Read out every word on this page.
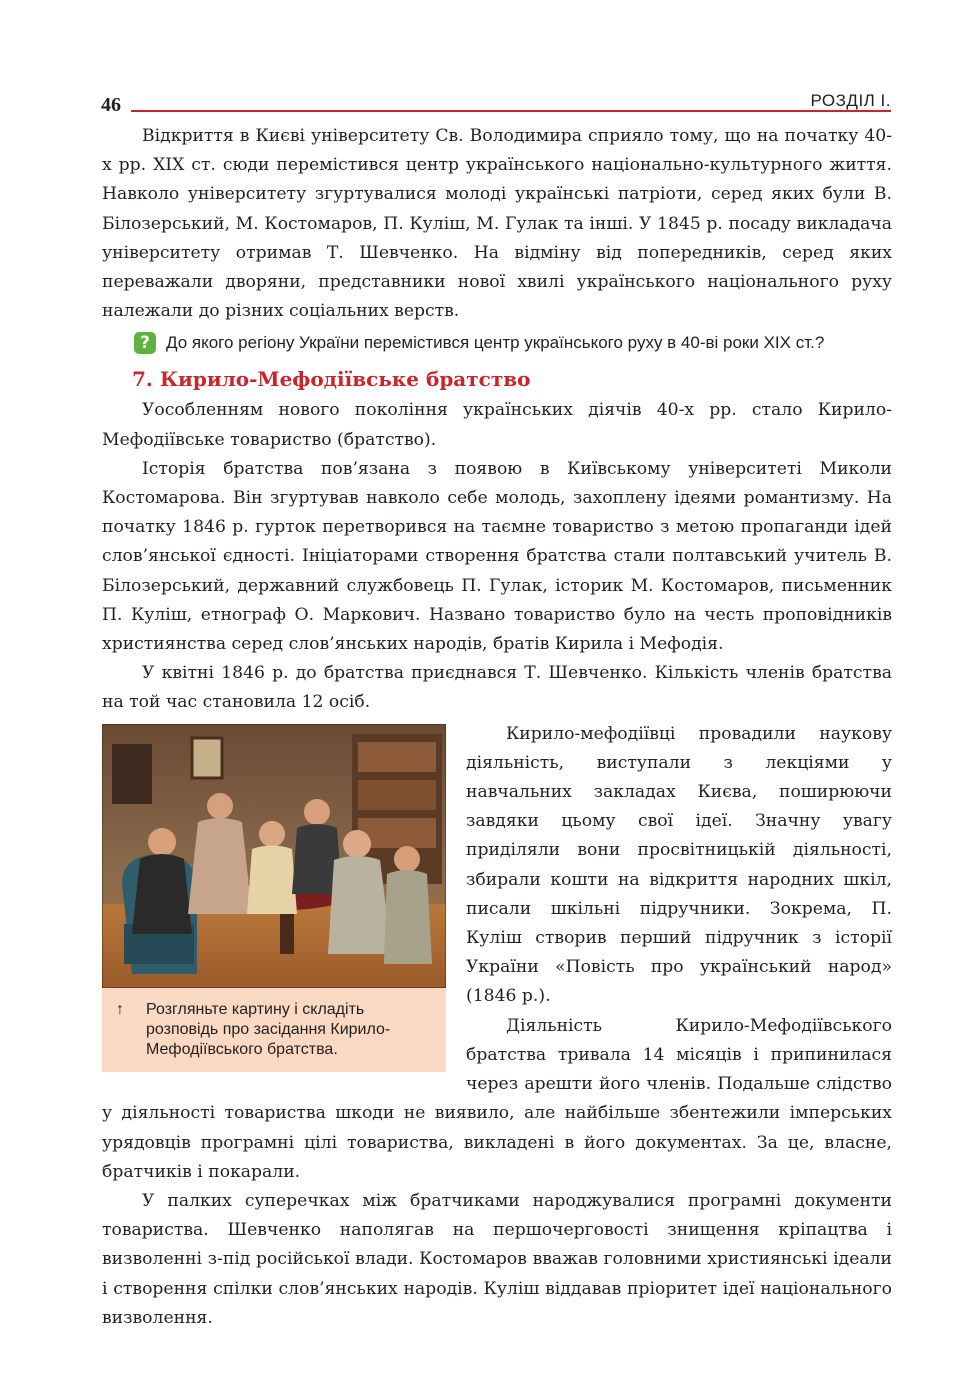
46	РОЗДІЛ І.

Відкриття в Києві університету Св. Володимира сприяло тому, що на початку 40-х рр. XIX ст. сюди перемістився центр українського національно-культурного життя. Навколо університету згуртувалися молоді українські патріоти, серед яких були В. Білозерський, М. Костомаров, П. Куліш, М. Гулак та інші. У 1845 р. посаду викладача університету отримав Т. Шевченко. На відміну від попередників, серед яких переважали дворяни, представники нової хвилі українського національного руху належали до різних соціальних верств.

? До якого регіону України перемістився центр українського руху в 40-ві роки XIX ст.?
7. Кирило-Мефодіївське братство

Уособленням нового покоління українських діячів 40-х рр. стало Кирило-Мефодіївське товариство (братство).

Історія братства пов’язана з появою в Київському університеті Миколи Костомарова. Він згуртував навколо себе молодь, захоплену ідеями романтизму. На початку 1846 р. гурток перетворився на таємне товариство з метою пропаганди ідей слов’янської єдності. Ініціаторами створення братства стали полтавський учитель В. Білозерський, державний службовець П. Гулак, історик М. Костомаров, письменник П. Куліш, етнограф О. Маркович. Названо товариство було на честь проповідників християнства серед слов’янських народів, братів Кирила і Мефодія.

У квітні 1846 р. до братства приєднався Т. Шевченко. Кількість членів братства на той час становила 12 осіб.

↑	Розгляньте картину і складіть розповідь про засідання Кирило-Мефодіївського братства.

Кирило-мефодіївці провадили наукову діяльність, виступали з лекціями у навчальних закладах Києва, поширюючи завдяки цьому свої ідеї. Значну увагу приділяли вони просвітницькій діяльності, збирали кошти на відкриття народних шкіл, писали шкільні підручники. Зокрема, П. Куліш створив перший підручник з історії України «Повість про український народ» (1846 р.).

Діяльність Кирило-Мефодіївського братства тривала 14 місяців і припинилася через арешти його членів. Подальше слідство у діяльності товариства шкоди не виявило, але найбільше збентежили імперських урядовців програмні цілі товариства, викладені в його документах. За це, власне, братчиків і покарали.

У палких суперечках між братчиками народжувалися програмні документи товариства. Шевченко наполягав на першочерговості знищення кріпацтва і визволенні з-під російської влади. Костомаров вважав головними християнські ідеали і створення спілки слов’янських народів. Куліш віддавав пріоритет ідеї національного визволення.
